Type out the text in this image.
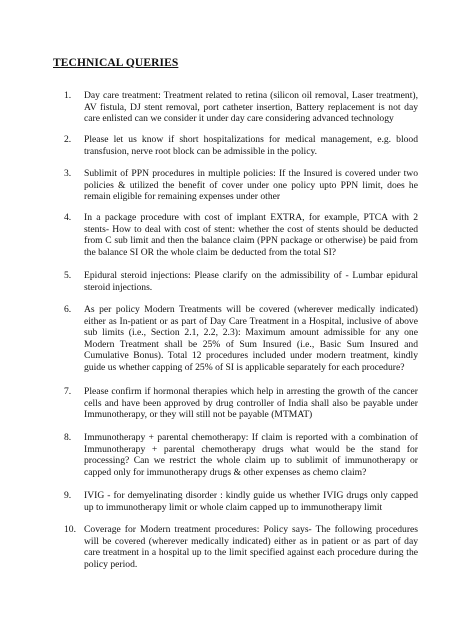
TECHNICAL QUERIES
1.	Day care treatment: Treatment related to retina (silicon oil removal, Laser treatment), AV fistula, DJ stent removal, port catheter insertion, Battery replacement is not day care enlisted can we consider it under day care considering advanced technology
2.	Please let us know if short hospitalizations for medical management, e.g. blood transfusion, nerve root block can be admissible in the policy.
3.	Sublimit of PPN procedures in multiple policies: If the Insured is covered under two policies & utilized the benefit of cover under one policy upto PPN limit, does he remain eligible for remaining expenses under other
4.	In a package procedure with cost of implant EXTRA, for example, PTCA with 2 stents- How to deal with cost of stent: whether the cost of stents should be deducted from C sub limit and then the balance claim (PPN package or otherwise) be paid from the balance SI OR the whole claim be deducted from the total SI?
5.	Epidural steroid injections: Please clarify on the admissibility of - Lumbar epidural steroid injections.
6.	As per policy Modern Treatments will be covered (wherever medically indicated) either as In-patient or as part of Day Care Treatment in a Hospital, inclusive of above sub limits (i.e., Section 2.1, 2.2, 2.3): Maximum amount admissible for any one Modern Treatment shall be 25% of Sum Insured (i.e., Basic Sum Insured and Cumulative Bonus). Total 12 procedures included under modern treatment, kindly guide us whether capping of 25% of SI is applicable separately for each procedure?
7.	Please confirm if hormonal therapies which help in arresting the growth of the cancer cells and have been approved by drug controller of India shall also be payable under Immunotherapy, or they will still not be payable (MTMAT)
8.	Immunotherapy + parental chemotherapy: If claim is reported with a combination of Immunotherapy + parental chemotherapy drugs what would be the stand for processing? Can we restrict the whole claim up to sublimit of immunotherapy or capped only for immunotherapy drugs & other expenses as chemo claim?
9.	IVIG - for demyelinating disorder : kindly guide us whether IVIG drugs only capped up to immunotherapy limit or whole claim capped up to immunotherapy limit
10. Coverage for Modern treatment procedures: Policy says- The following procedures will be covered (wherever medically indicated) either as in patient or as part of day care treatment in a hospital up to the limit specified against each procedure during the policy period.
